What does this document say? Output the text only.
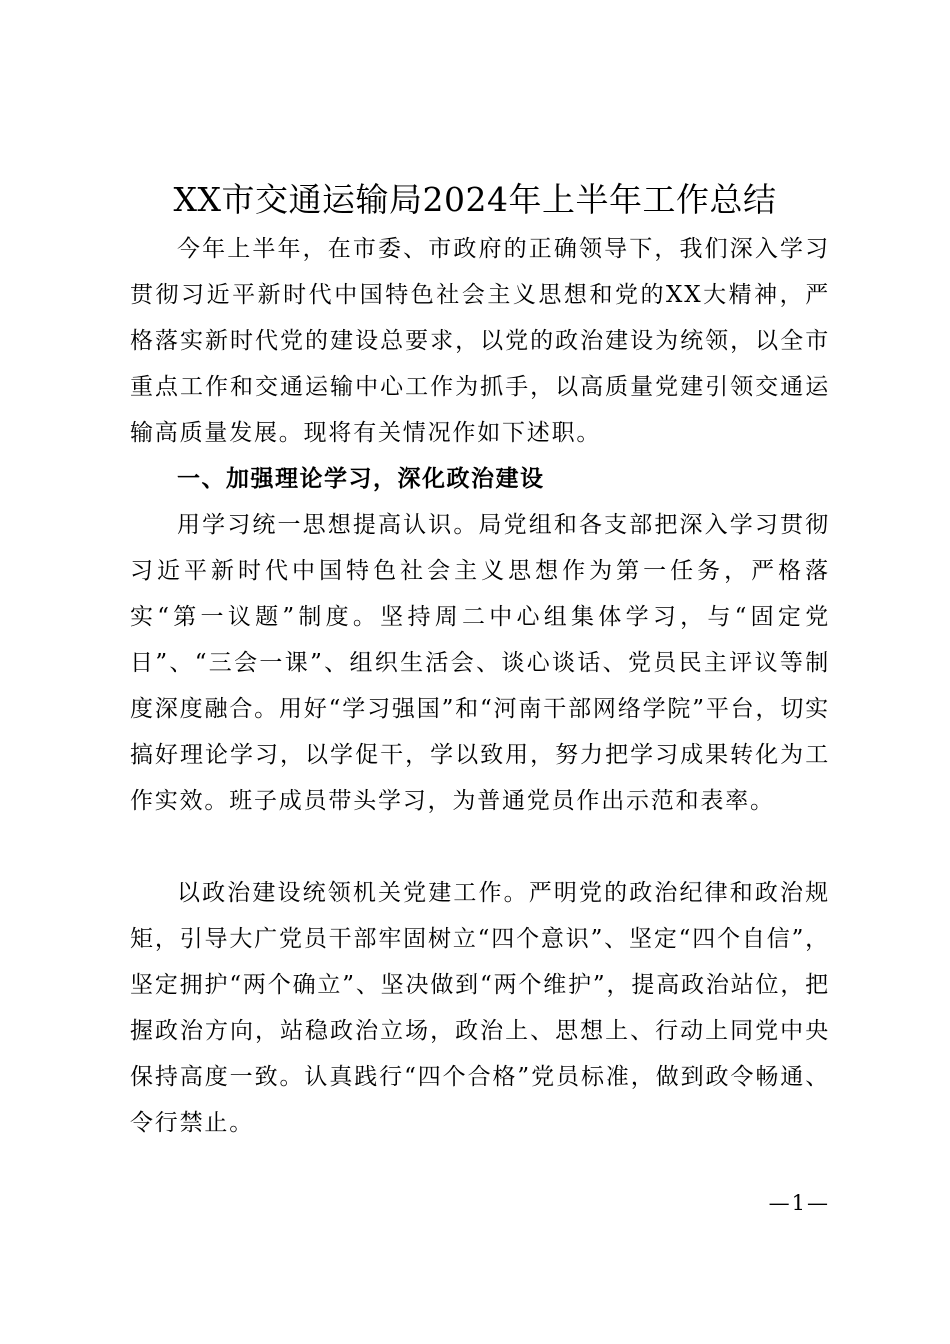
XX市交通运输局2024年上半年工作总结

今年上半年，在市委、市政府的正确领导下，我们深入学习贯彻习近平新时代中国特色社会主义思想和党的XX大精神，严格落实新时代党的建设总要求，以党的政治建设为统领，以全市重点工作和交通运输中心工作为抓手，以高质量党建引领交通运输高质量发展。现将有关情况作如下述职。

一、加强理论学习，深化政治建设

用学习统一思想提高认识。局党组和各支部把深入学习贯彻习近平新时代中国特色社会主义思想作为第一任务，严格落实“第一议题”制度。坚持周二中心组集体学习，与“固定党日”、“三会一课”、组织生活会、谈心谈话、党员民主评议等制度深度融合。用好“学习强国”和“河南干部网络学院”平台，切实搞好理论学习，以学促干，学以致用，努力把学习成果转化为工作实效。班子成员带头学习，为普通党员作出示范和表率。

以政治建设统领机关党建工作。严明党的政治纪律和政治规矩，引导大广党员干部牢固树立“四个意识”、坚定“四个自信”，坚定拥护“两个确立”、坚决做到“两个维护”，提高政治站位，把握政治方向，站稳政治立场，政治上、思想上、行动上同党中央保持高度一致。认真践行“四个合格”党员标准，做到政令畅通、令行禁止。

—1—
